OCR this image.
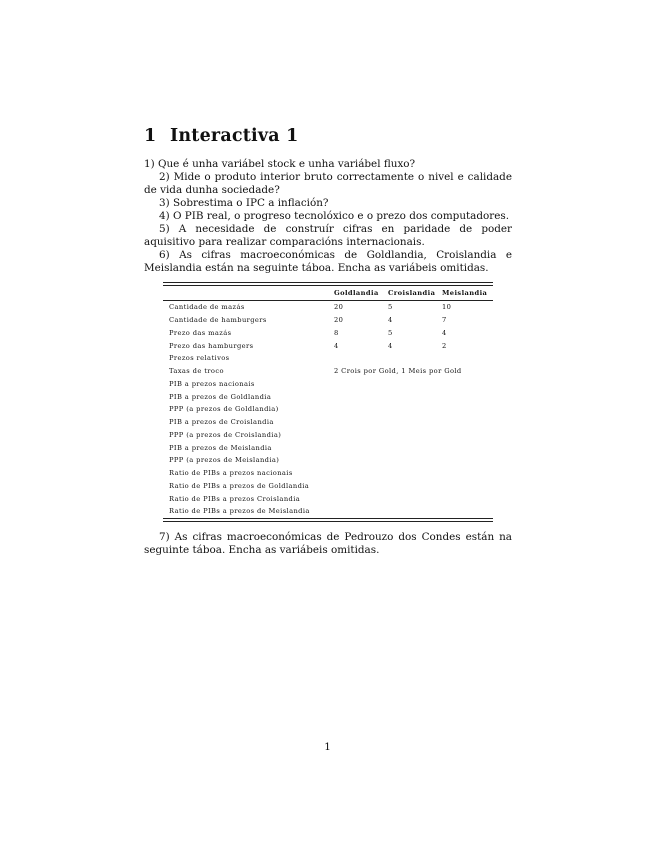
1 Interactiva 1

1) Que é unha variábel stock e unha variábel fluxo?

2) Mide o produto interior bruto correctamente o nivel e calidade de vida dunha sociedade?

3) Sobrestima o IPC a inflación?

4) O PIB real, o progreso tecnolóxico e o prezo dos computadores.

5) A necesidade de construír cifras en paridade de poder aquisitivo para realizar comparacións internacionais.

6) As cifras macroeconómicas de Goldlandia, Croislandia e Meislandia están na seguinte táboa. Encha as variábeis omitidas.

	Goldlandia	Croislandia	Meislandia
Cantidade de mazás	20	5	10
Cantidade de hamburgers	20	4	7
Prezo das mazás	8	5	4
Prezo das hamburgers	4	4	2
Prezos relativos			
Taxas de troco	2 Crois por Gold, 1 Meis por Gold		
PIB a prezos nacionais			
PIB a prezos de Goldlandia			
PPP (a prezos de Goldlandia)			
PIB a prezos de Croislandia			
PPP (a prezos de Croislandia)			
PIB a prezos de Meislandia			
PPP (a prezos de Meislandia)			
Ratio de PIBs a prezos nacionais			
Ratio de PIBs a prezos de Goldlandia			
Ratio de PIBs a prezos Croislandia			
Ratio de PIBs a prezos de Meislandia			

7) As cifras macroeconómicas de Pedrouzo dos Condes están na seguinte táboa. Encha as variábeis omitidas.

1
